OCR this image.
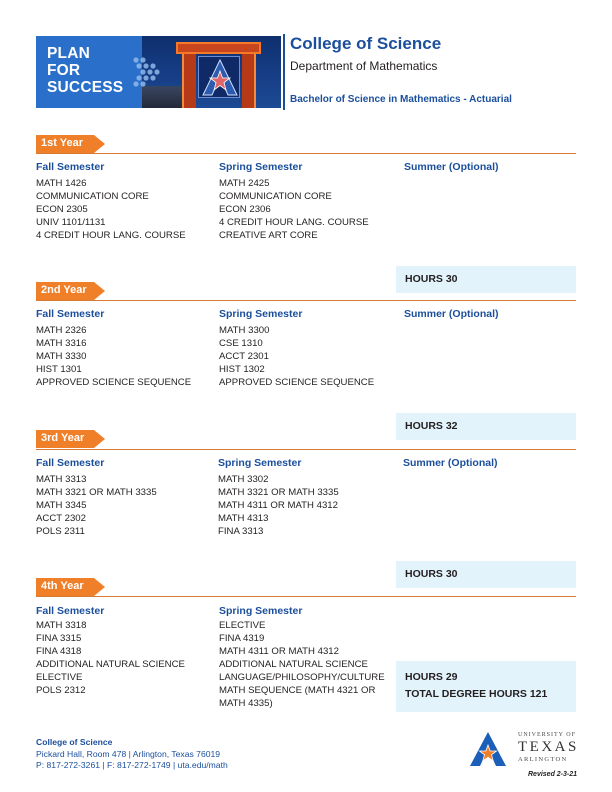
PLAN
FOR
SUCCESS
College of Science
Department of Mathematics
Bachelor of Science in Mathematics - Actuarial
1st Year
Fall Semester
MATH 1426
COMMUNICATION CORE
ECON 2305
UNIV 1101/1131
4 CREDIT HOUR LANG. COURSE
Spring Semester
MATH 2425
COMMUNICATION CORE
ECON 2306
4 CREDIT HOUR LANG. COURSE
CREATIVE ART CORE
Summer (Optional)
HOURS 30
2nd Year
Fall Semester
MATH 2326
MATH 3316
MATH 3330
HIST 1301
APPROVED SCIENCE SEQUENCE
Spring Semester
MATH 3300
CSE 1310
ACCT 2301
HIST 1302
APPROVED SCIENCE SEQUENCE
Summer (Optional)
HOURS 32
3rd Year
Fall Semester
MATH 3313
MATH 3321 OR MATH 3335
MATH 3345
ACCT 2302
POLS 2311
Spring Semester
MATH 3302
MATH 3321 OR MATH 3335
MATH 4311 OR MATH 4312
MATH 4313
FINA 3313
Summer (Optional)
HOURS 30
4th Year
Fall Semester
MATH 3318
FINA 3315
FINA 4318
ADDITIONAL NATURAL SCIENCE
ELECTIVE
POLS 2312
Spring Semester
ELECTIVE
FINA 4319
MATH 4311 OR MATH 4312
ADDITIONAL NATURAL SCIENCE
LANGUAGE/PHILOSOPHY/CULTURE
MATH SEQUENCE (MATH 4321 OR
MATH 4335)
HOURS 29
TOTAL DEGREE HOURS 121
College of Science
Pickard Hall, Room 478 | Arlington, Texas 76019
P: 817-272-3261 | F: 817-272-1749 | uta.edu/math
UNIVERSITY OF
TEXAS
ARLINGTON
Revised 2-3-21
